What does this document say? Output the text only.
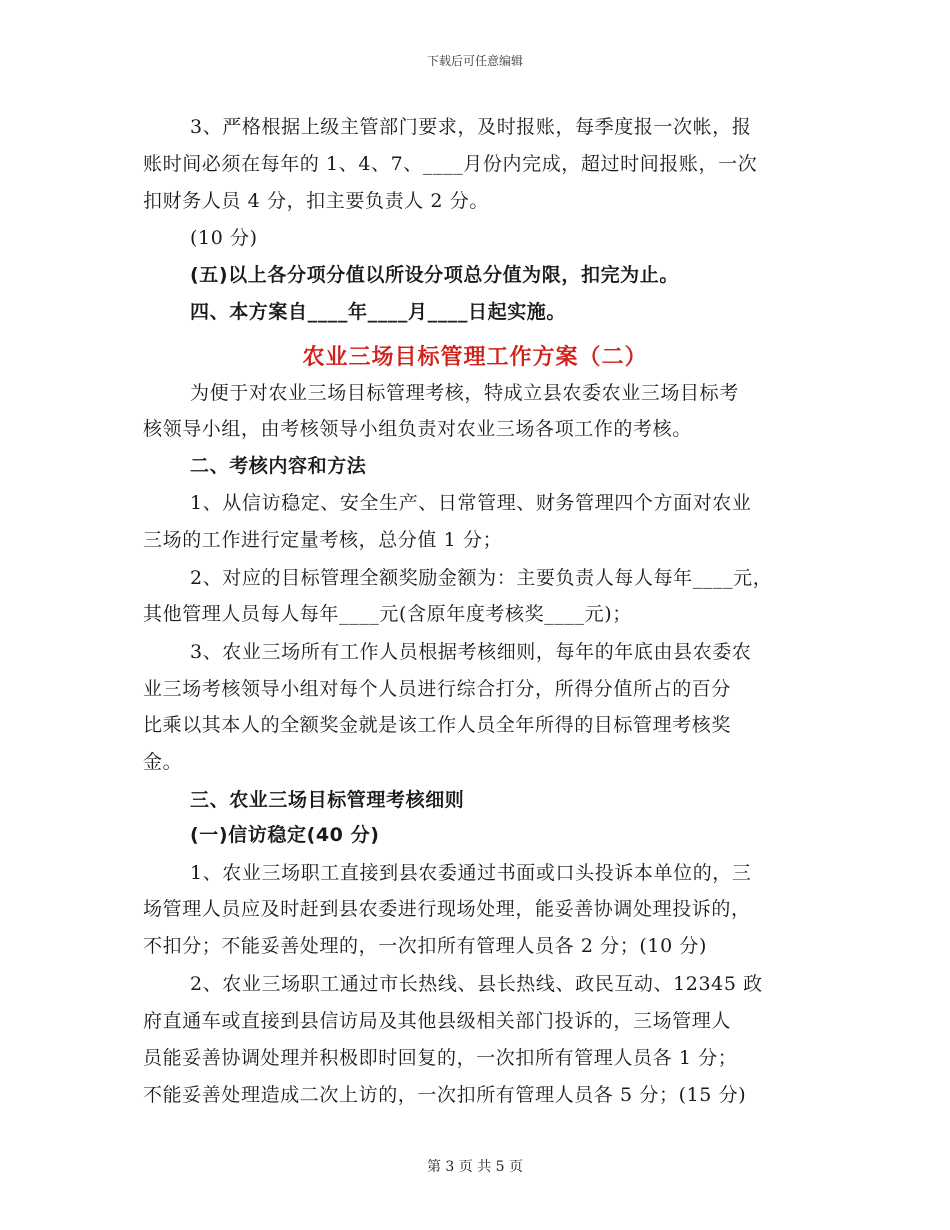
下载后可任意编辑
3、严格根据上级主管部门要求，及时报账，每季度报一次帐，报
账时间必须在每年的 1、4、7、____月份内完成，超过时间报账，一次
扣财务人员 4 分，扣主要负责人 2 分。
(10 分)
(五)以上各分项分值以所设分项总分值为限，扣完为止。
四、本方案自____年____月____日起实施。
农业三场目标管理工作方案（二）
为便于对农业三场目标管理考核，特成立县农委农业三场目标考
核领导小组，由考核领导小组负责对农业三场各项工作的考核。
二、考核内容和方法
1、从信访稳定、安全生产、日常管理、财务管理四个方面对农业
三场的工作进行定量考核，总分值 1 分；
2、对应的目标管理全额奖励金额为：主要负责人每人每年____元，
其他管理人员每人每年____元(含原年度考核奖____元)；
3、农业三场所有工作人员根据考核细则，每年的年底由县农委农
业三场考核领导小组对每个人员进行综合打分，所得分值所占的百分
比乘以其本人的全额奖金就是该工作人员全年所得的目标管理考核奖
金。
三、农业三场目标管理考核细则
(一)信访稳定(40 分)
1、农业三场职工直接到县农委通过书面或口头投诉本单位的，三
场管理人员应及时赶到县农委进行现场处理，能妥善协调处理投诉的，
不扣分；不能妥善处理的，一次扣所有管理人员各 2 分；(10 分)
2、农业三场职工通过市长热线、县长热线、政民互动、12345 政
府直通车或直接到县信访局及其他县级相关部门投诉的，三场管理人
员能妥善协调处理并积极即时回复的，一次扣所有管理人员各 1 分；
不能妥善处理造成二次上访的，一次扣所有管理人员各 5 分；(15 分)
第 3 页 共 5 页
